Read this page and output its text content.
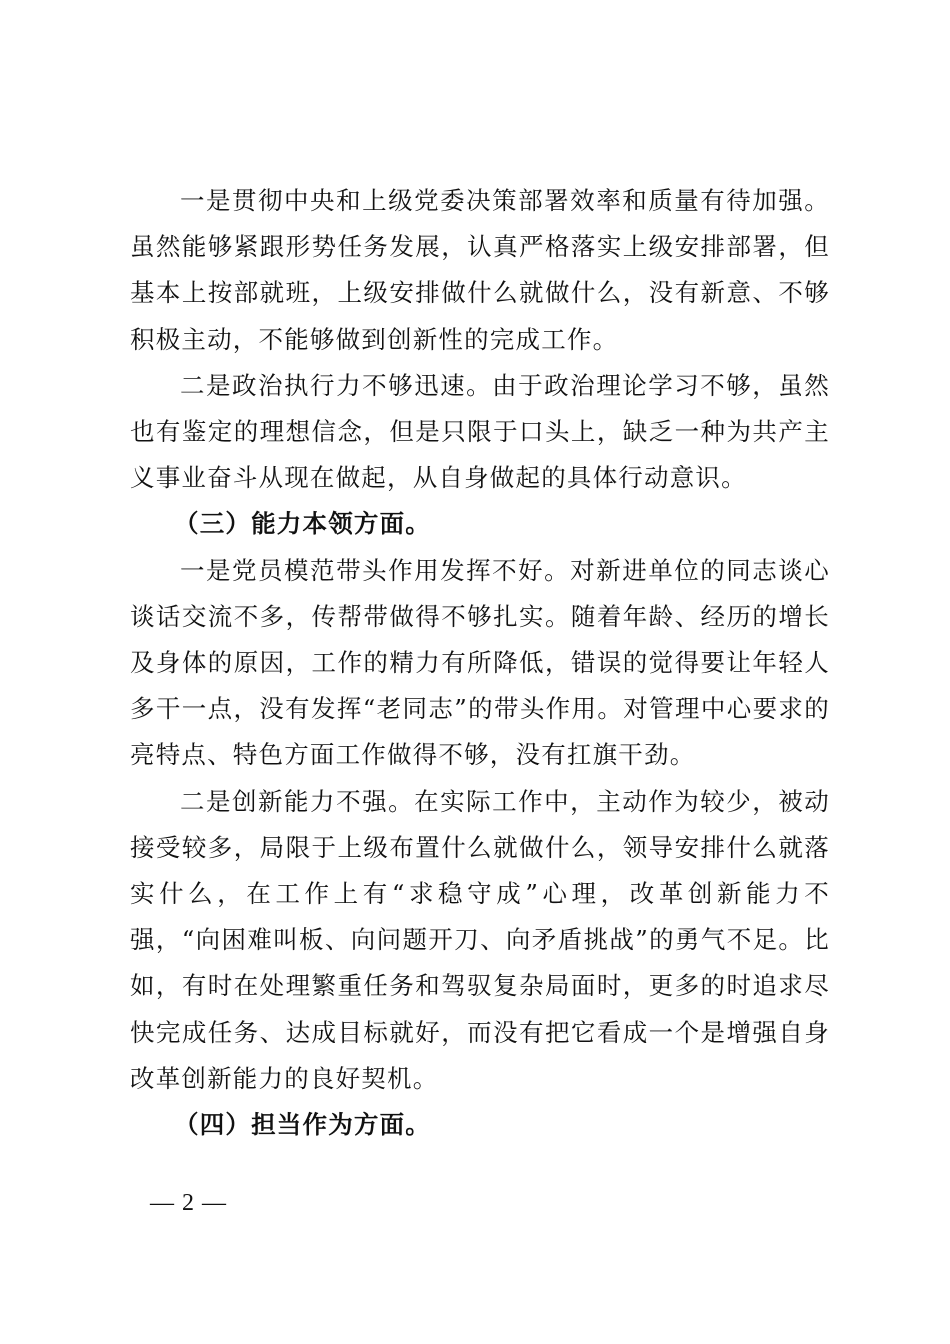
一是贯彻中央和上级党委决策部署效率和质量有待加强。虽然能够紧跟形势任务发展，认真严格落实上级安排部署，但基本上按部就班，上级安排做什么就做什么，没有新意、不够积极主动，不能够做到创新性的完成工作。

二是政治执行力不够迅速。由于政治理论学习不够，虽然也有鉴定的理想信念，但是只限于口头上，缺乏一种为共产主义事业奋斗从现在做起，从自身做起的具体行动意识。

（三）能力本领方面。

一是党员模范带头作用发挥不好。对新进单位的同志谈心谈话交流不多，传帮带做得不够扎实。随着年龄、经历的增长及身体的原因，工作的精力有所降低，错误的觉得要让年轻人多干一点，没有发挥“老同志”的带头作用。对管理中心要求的亮特点、特色方面工作做得不够，没有扛旗干劲。

二是创新能力不强。在实际工作中，主动作为较少，被动接受较多，局限于上级布置什么就做什么，领导安排什么就落实什么，在工作上有“求稳守成”心理，改革创新能力不强，“向困难叫板、向问题开刀、向矛盾挑战”的勇气不足。比如，有时在处理繁重任务和驾驭复杂局面时，更多的时追求尽快完成任务、达成目标就好，而没有把它看成一个是增强自身改革创新能力的良好契机。

（四）担当作为方面。

— 2 —
